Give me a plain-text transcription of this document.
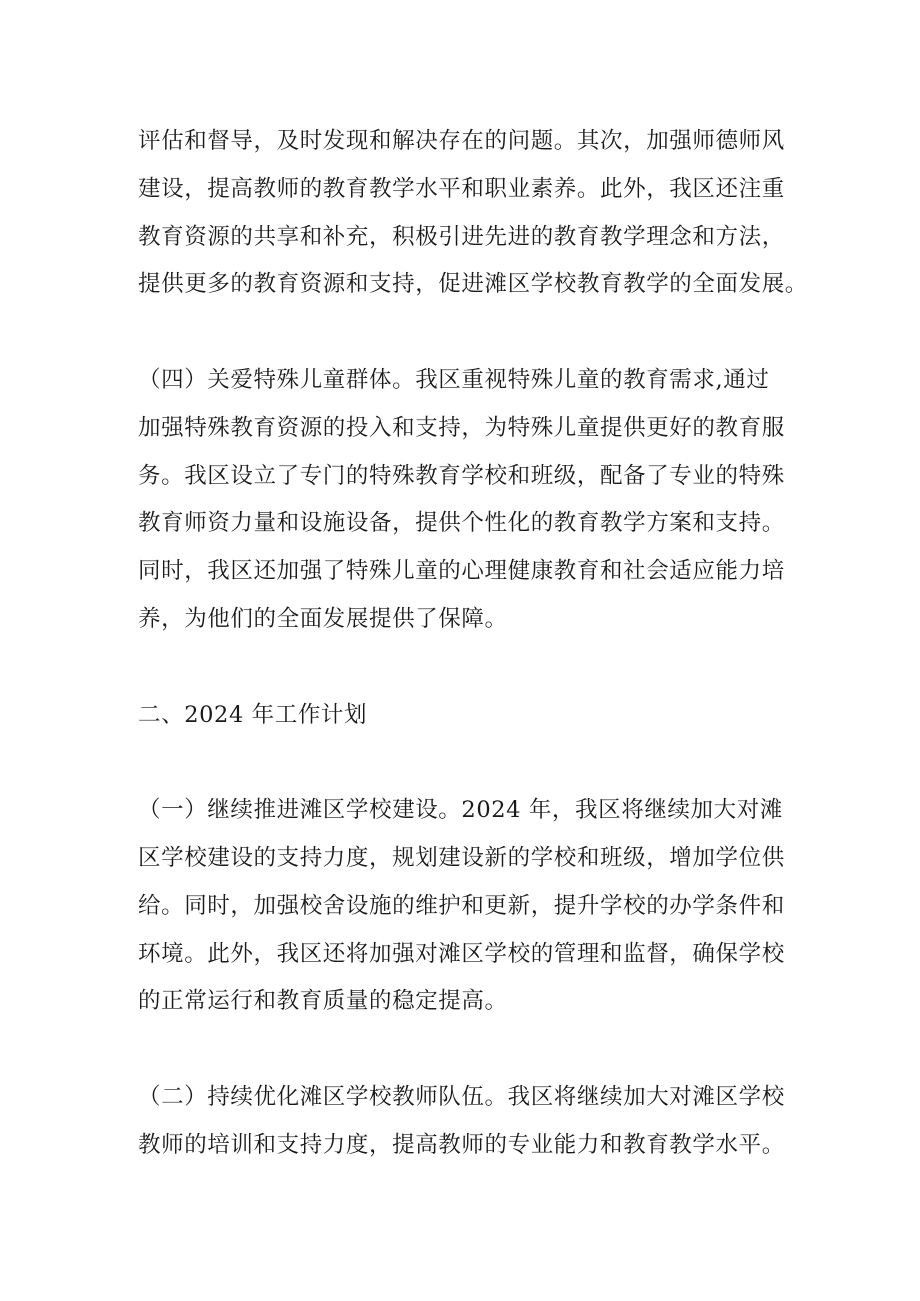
评估和督导，及时发现和解决存在的问题。其次，加强师德师风
建设，提高教师的教育教学水平和职业素养。此外，我区还注重
教育资源的共享和补充，积极引进先进的教育教学理念和方法，
提供更多的教育资源和支持，促进滩区学校教育教学的全面发展。
（四）关爱特殊儿童群体。我区重视特殊儿童的教育需求,通过
加强特殊教育资源的投入和支持，为特殊儿童提供更好的教育服
务。我区设立了专门的特殊教育学校和班级，配备了专业的特殊
教育师资力量和设施设备，提供个性化的教育教学方案和支持。
同时，我区还加强了特殊儿童的心理健康教育和社会适应能力培
养，为他们的全面发展提供了保障。
二、2024 年工作计划
（一）继续推进滩区学校建设。2024 年，我区将继续加大对滩
区学校建设的支持力度，规划建设新的学校和班级，增加学位供
给。同时，加强校舍设施的维护和更新，提升学校的办学条件和
环境。此外，我区还将加强对滩区学校的管理和监督，确保学校
的正常运行和教育质量的稳定提高。
（二）持续优化滩区学校教师队伍。我区将继续加大对滩区学校
教师的培训和支持力度，提高教师的专业能力和教育教学水平。
